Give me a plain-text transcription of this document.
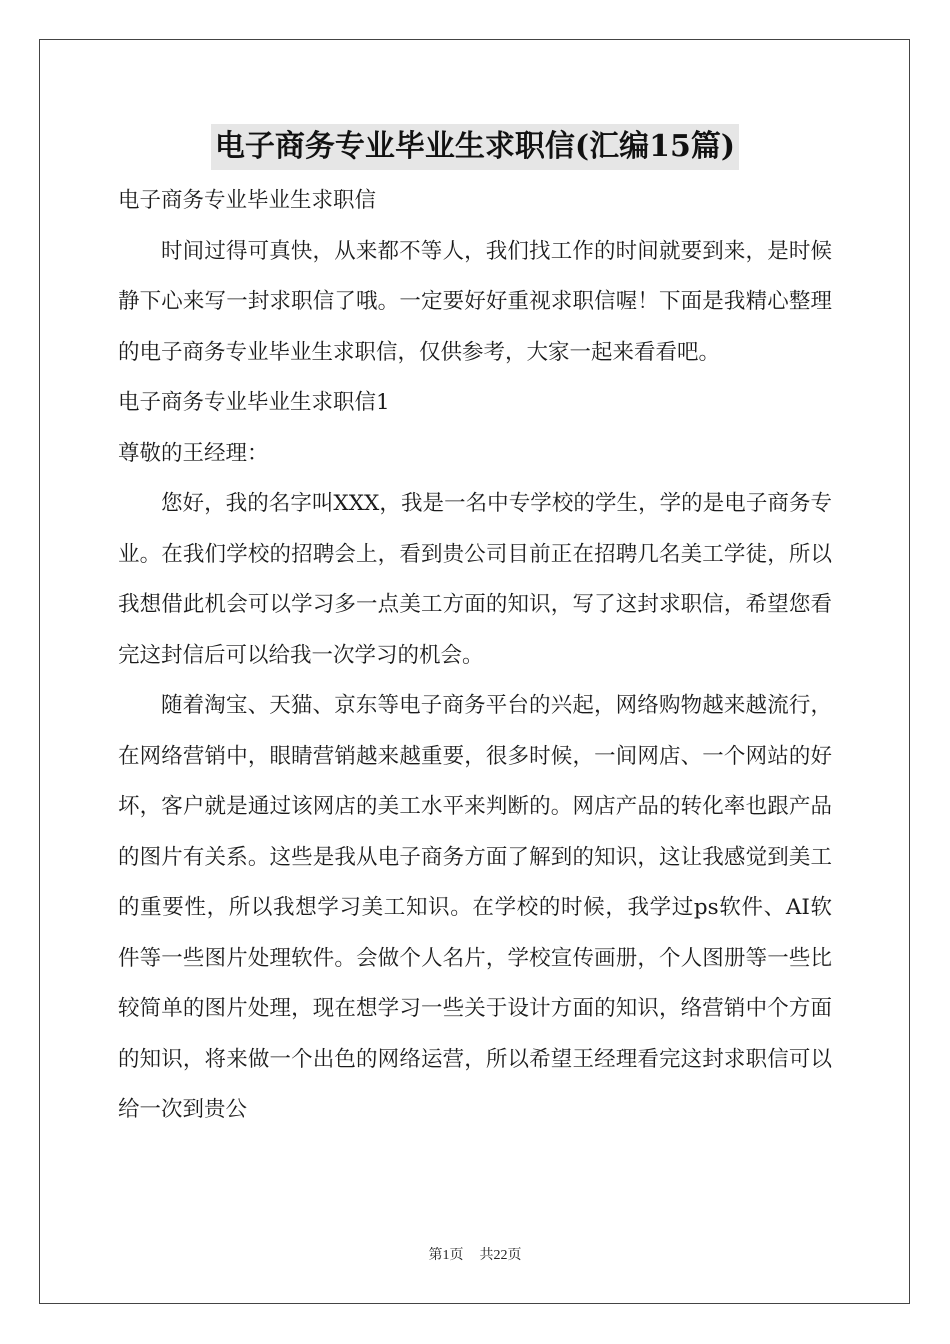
电子商务专业毕业生求职信(汇编15篇)

电子商务专业毕业生求职信

时间过得可真快，从来都不等人，我们找工作的时间就要到来，是时候静下心来写一封求职信了哦。一定要好好重视求职信喔！下面是我精心整理的电子商务专业毕业生求职信，仅供参考，大家一起来看看吧。

电子商务专业毕业生求职信1

尊敬的王经理：

您好，我的名字叫XXX，我是一名中专学校的学生，学的是电子商务专业。在我们学校的招聘会上，看到贵公司目前正在招聘几名美工学徒，所以我想借此机会可以学习多一点美工方面的知识，写了这封求职信，希望您看完这封信后可以给我一次学习的机会。

随着淘宝、天猫、京东等电子商务平台的兴起，网络购物越来越流行，在网络营销中，眼睛营销越来越重要，很多时候，一间网店、一个网站的好坏，客户就是通过该网店的美工水平来判断的。网店产品的转化率也跟产品的图片有关系。这些是我从电子商务方面了解到的知识，这让我感觉到美工的重要性，所以我想学习美工知识。在学校的时候，我学过ps软件、AI软件等一些图片处理软件。会做个人名片，学校宣传画册，个人图册等一些比较简单的图片处理，现在想学习一些关于设计方面的知识，络营销中个方面的知识，将来做一个出色的网络运营，所以希望王经理看完这封求职信可以给一次到贵公

第1页 共22页
